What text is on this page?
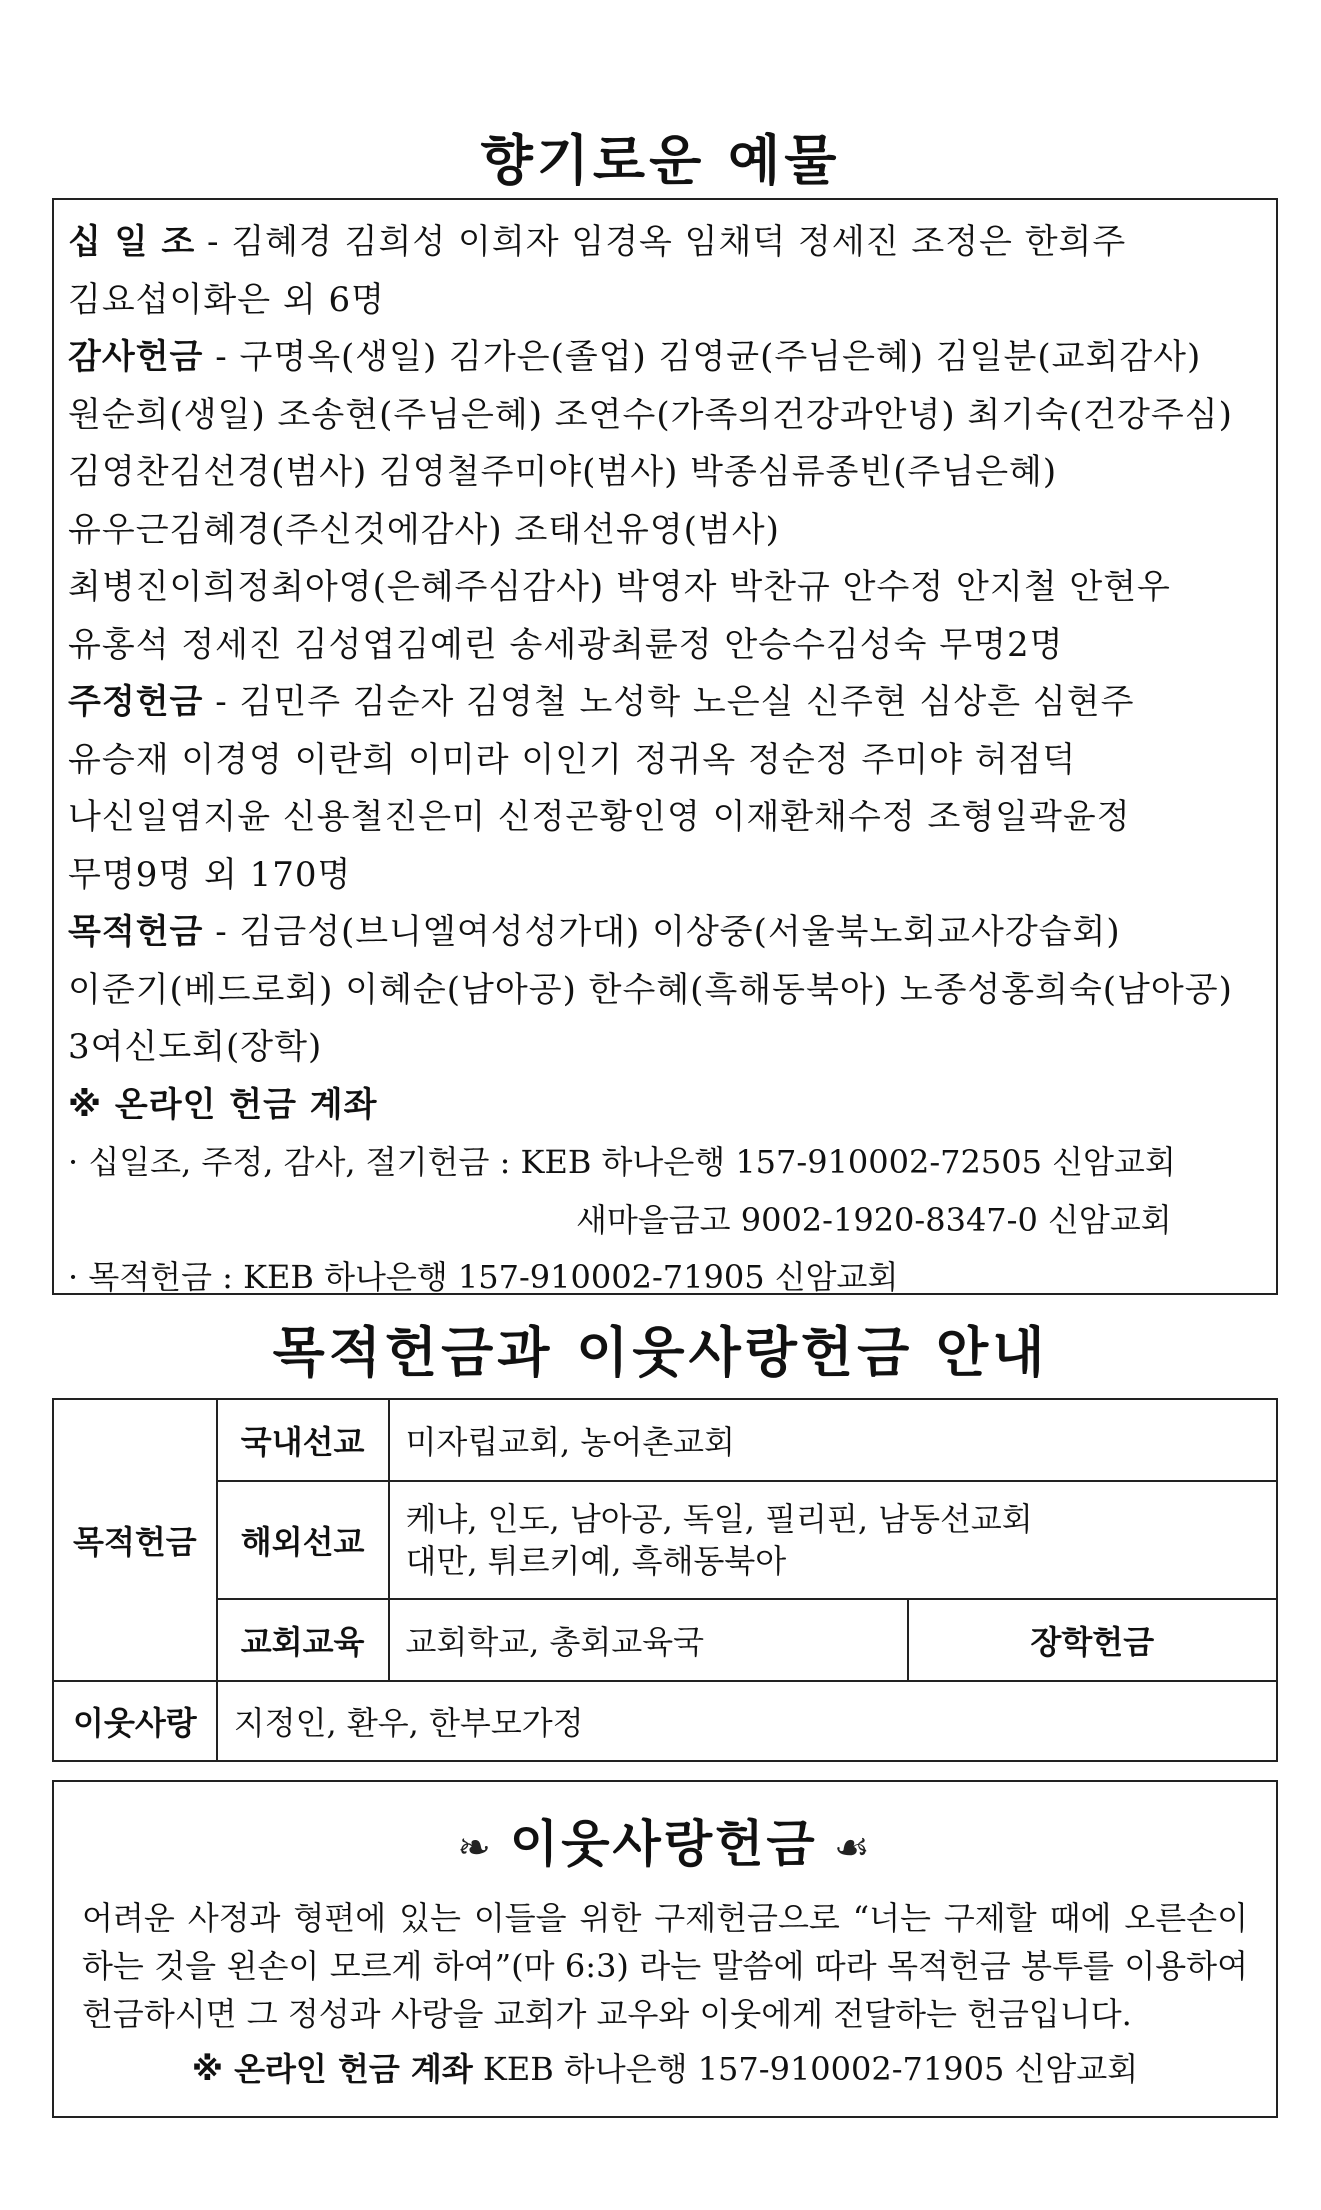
향기로운 예물
십 일 조 - 김혜경 김희성 이희자 임경옥 임채덕 정세진 조정은 한희주
김요섭이화은 외 6명
감사헌금 - 구명옥(생일) 김가은(졸업) 김영균(주님은혜) 김일분(교회감사)
원순희(생일) 조송현(주님은혜) 조연수(가족의건강과안녕) 최기숙(건강주심)
김영찬김선경(범사) 김영철주미야(범사) 박종심류종빈(주님은혜)
유우근김혜경(주신것에감사) 조태선유영(범사)
최병진이희정최아영(은혜주심감사) 박영자 박찬규 안수정 안지철 안현우
유홍석 정세진 김성엽김예린 송세광최륜정 안승수김성숙 무명2명
주정헌금 - 김민주 김순자 김영철 노성학 노은실 신주현 심상흔 심현주
유승재 이경영 이란희 이미라 이인기 정귀옥 정순정 주미야 허점덕
나신일염지윤 신용철진은미 신정곤황인영 이재환채수정 조형일곽윤정
무명9명 외 170명
목적헌금 - 김금성(브니엘여성성가대) 이상중(서울북노회교사강습회)
이준기(베드로회) 이혜순(남아공) 한수혜(흑해동북아) 노종성홍희숙(남아공)
3여신도회(장학)
※ 온라인 헌금 계좌
· 십일조, 주정, 감사, 절기헌금 : KEB 하나은행 157-910002-72505 신암교회
새마을금고 9002-1920-8347-0 신암교회
· 목적헌금 : KEB 하나은행 157-910002-71905 신암교회
목적헌금과 이웃사랑헌금 안내
목적헌금	국내선교	미자립교회, 농어촌교회	
	해외선교	케냐, 인도, 남아공, 독일, 필리핀, 남동선교회
대만, 튀르키예, 흑해동북아	

	교회교육	교회학교, 총회교육국	장학헌금
이웃사랑	지정인, 환우, 한부모가정		
❧ 이웃사랑헌금 ☙
어려운 사정과 형편에 있는 이들을 위한 구제헌금으로 “너는 구제할 때에 오른손이 하는 것을 왼손이 모르게 하여”(마 6:3) 라는 말씀에 따라 목적헌금 봉투를 이용하여 헌금하시면 그 정성과 사랑을 교회가 교우와 이웃에게 전달하는 헌금입니다.
※ 온라인 헌금 계좌 KEB 하나은행 157-910002-71905 신암교회
